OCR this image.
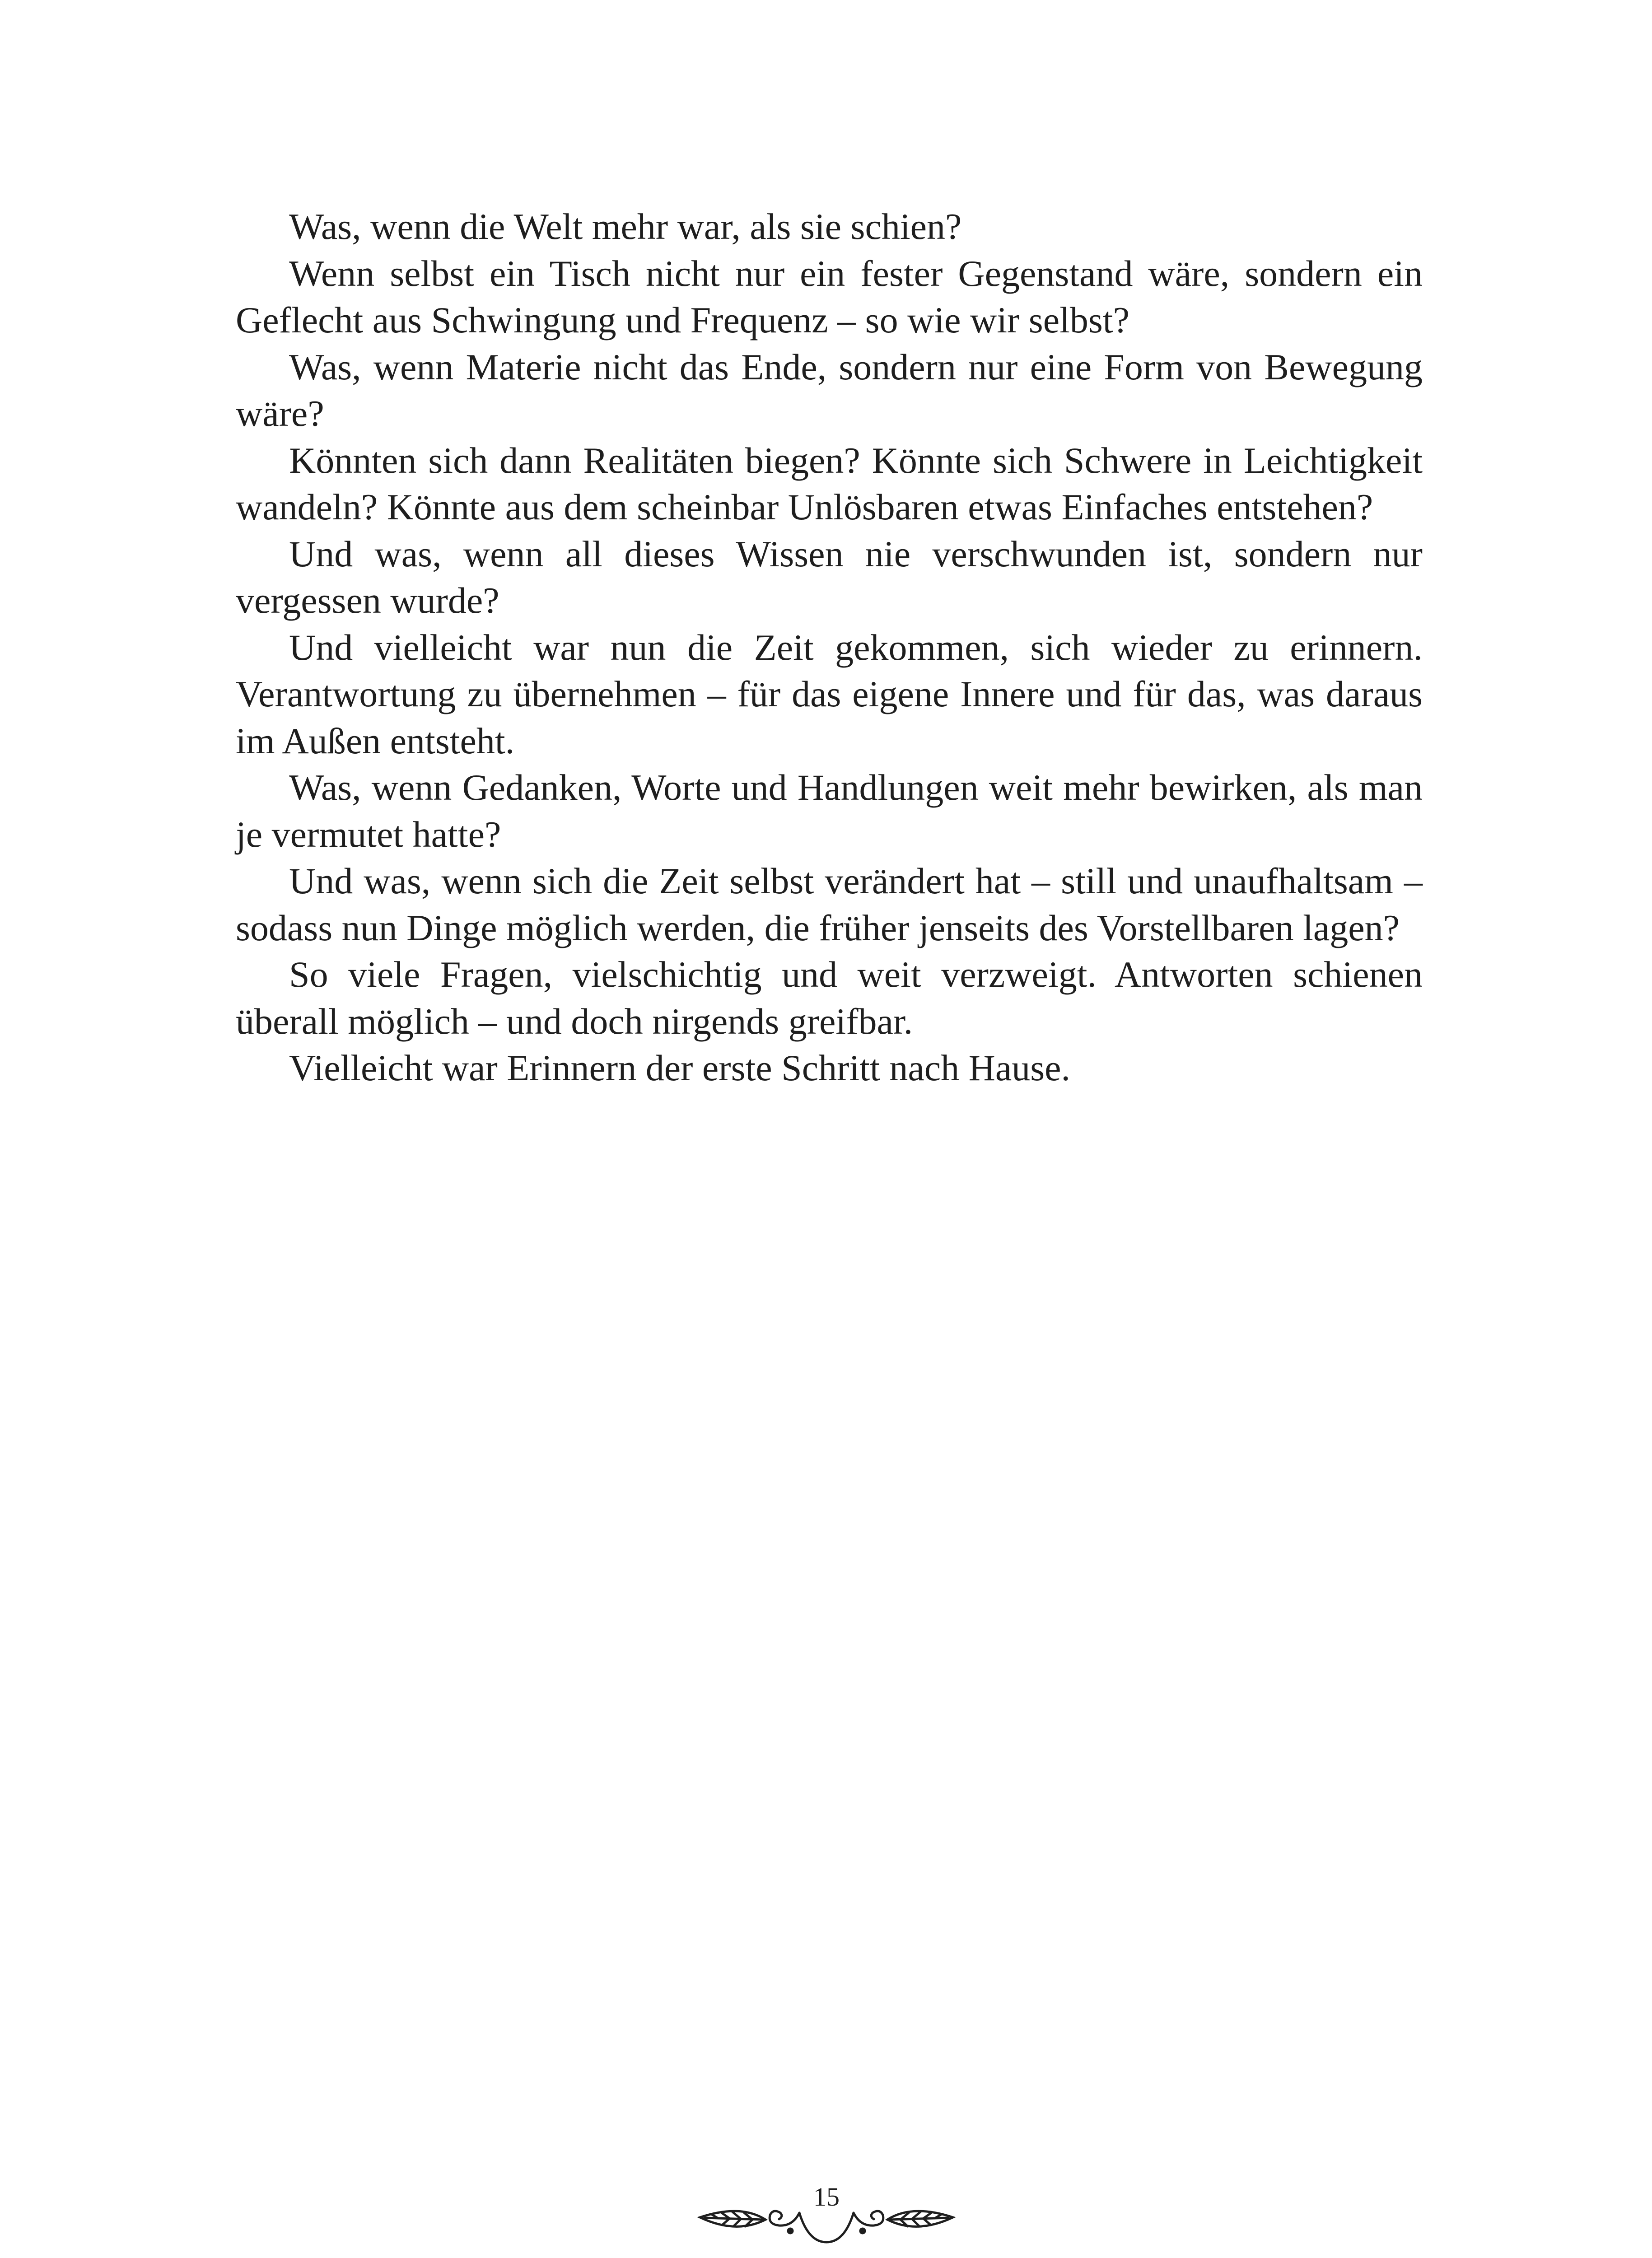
Was, wenn die Welt mehr war, als sie schien?

Wenn selbst ein Tisch nicht nur ein fester Gegenstand wäre, sondern ein Geflecht aus Schwingung und Frequenz – so wie wir selbst?

Was, wenn Materie nicht das Ende, sondern nur eine Form von Bewegung wäre?

Könnten sich dann Realitäten biegen? Könnte sich Schwere in Leichtigkeit wandeln? Könnte aus dem scheinbar Unlösbaren etwas Einfaches entstehen?

Und was, wenn all dieses Wissen nie verschwunden ist, sondern nur vergessen wurde?

Und vielleicht war nun die Zeit gekommen, sich wieder zu erinnern. Verantwortung zu übernehmen – für das eigene Innere und für das, was daraus im Außen entsteht.

Was, wenn Gedanken, Worte und Handlungen weit mehr bewirken, als man je vermutet hatte?

Und was, wenn sich die Zeit selbst verändert hat – still und unaufhaltsam – sodass nun Dinge möglich werden, die früher jenseits des Vorstellbaren lagen?

So viele Fragen, vielschichtig und weit verzweigt. Antworten schienen überall möglich – und doch nirgends greifbar.

Vielleicht war Erinnern der erste Schritt nach Hause.

15
